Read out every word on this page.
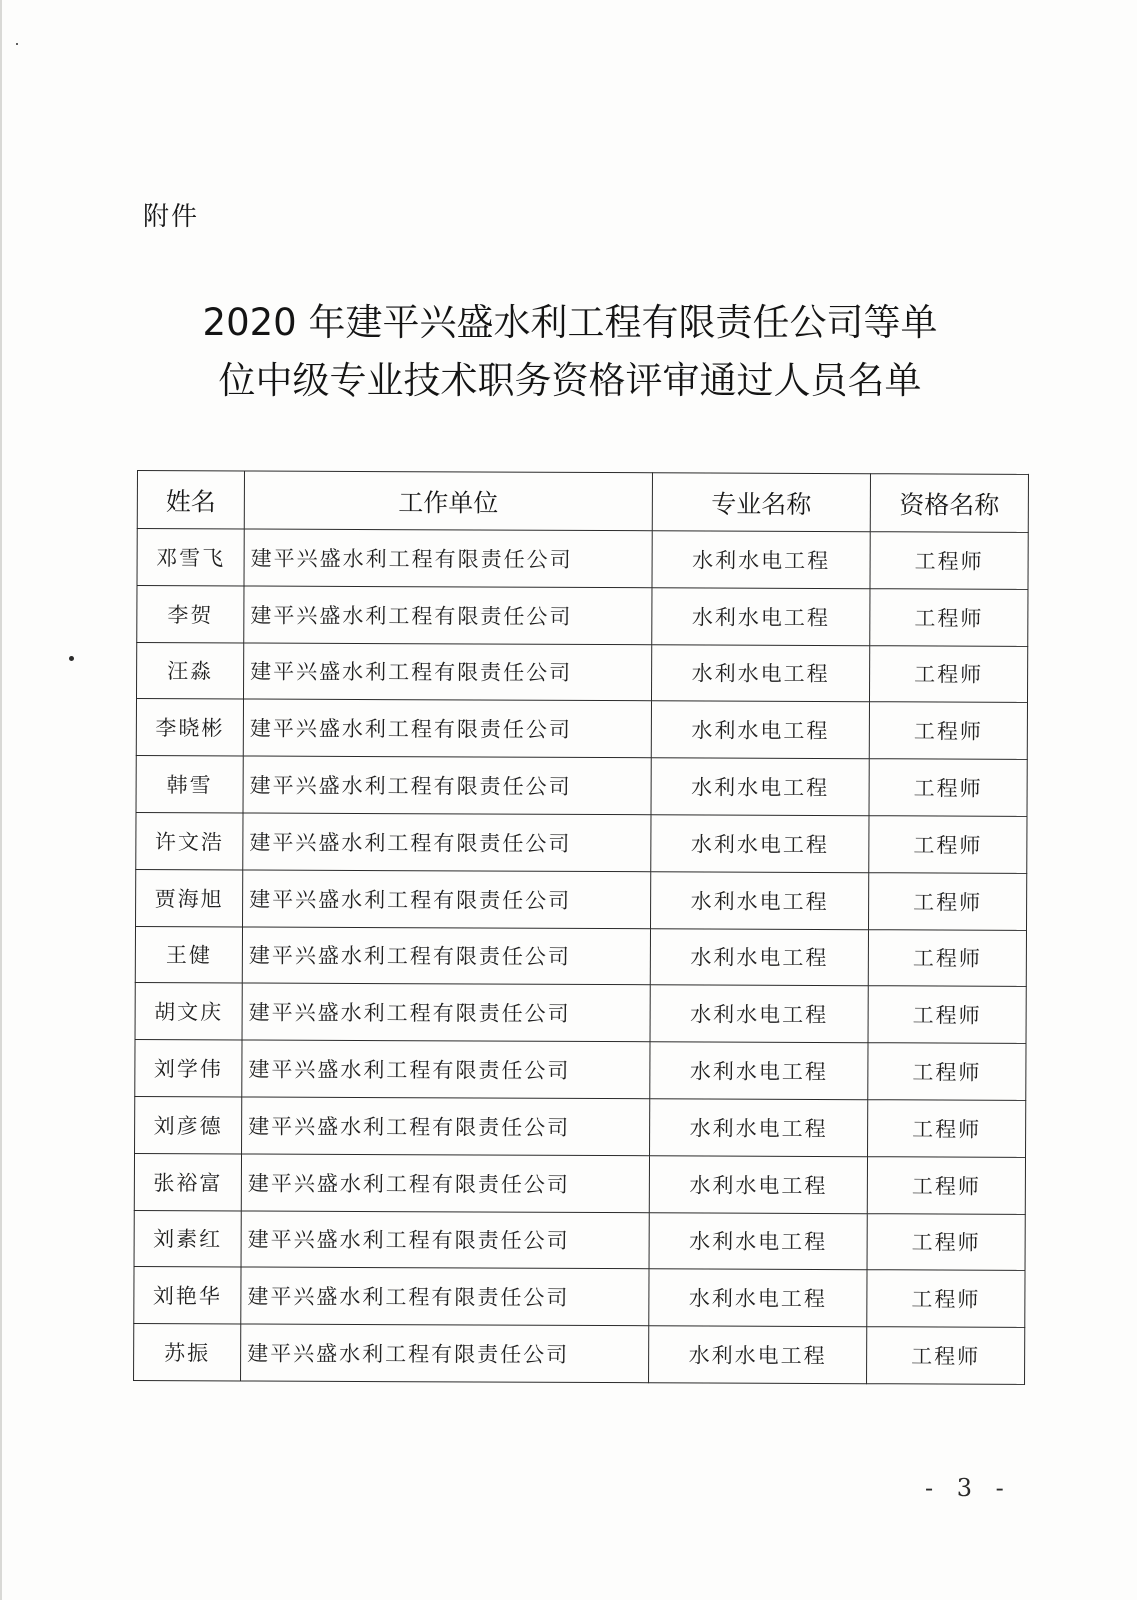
附件
2020 年建平兴盛水利工程有限责任公司等单
位中级专业技术职务资格评审通过人员名单
姓名	工作单位	专业名称	资格名称
邓雪飞	建平兴盛水利工程有限责任公司	水利水电工程	工程师
李贺	建平兴盛水利工程有限责任公司	水利水电工程	工程师
汪淼	建平兴盛水利工程有限责任公司	水利水电工程	工程师
李晓彬	建平兴盛水利工程有限责任公司	水利水电工程	工程师
韩雪	建平兴盛水利工程有限责任公司	水利水电工程	工程师
许文浩	建平兴盛水利工程有限责任公司	水利水电工程	工程师
贾海旭	建平兴盛水利工程有限责任公司	水利水电工程	工程师
王健	建平兴盛水利工程有限责任公司	水利水电工程	工程师
胡文庆	建平兴盛水利工程有限责任公司	水利水电工程	工程师
刘学伟	建平兴盛水利工程有限责任公司	水利水电工程	工程师
刘彦德	建平兴盛水利工程有限责任公司	水利水电工程	工程师
张裕富	建平兴盛水利工程有限责任公司	水利水电工程	工程师
刘素红	建平兴盛水利工程有限责任公司	水利水电工程	工程师
刘艳华	建平兴盛水利工程有限责任公司	水利水电工程	工程师
苏振	建平兴盛水利工程有限责任公司	水利水电工程	工程师
- 3 -
